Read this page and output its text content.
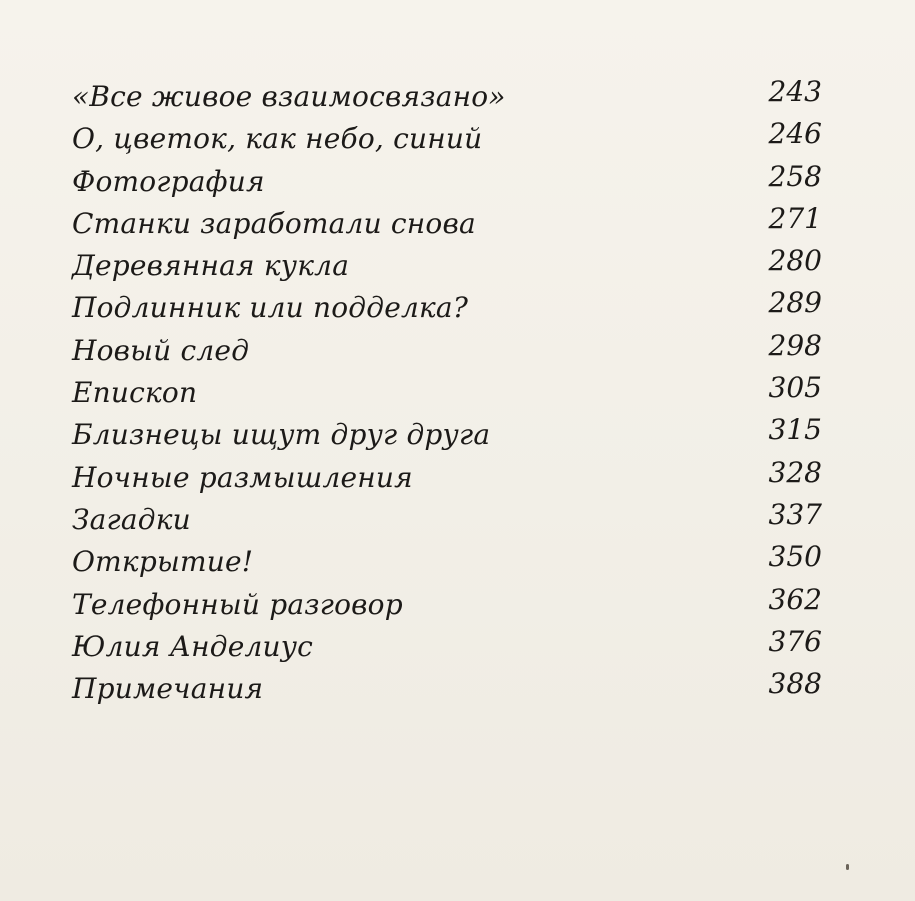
«Все живое взаимосвязано»	243
О, цветок, как небо, синий	246
Фотография	258
Станки заработали снова	271
Деревянная кукла	280
Подлинник или подделка?	289
Новый след	298
Епископ	305
Близнецы ищут друг друга	315
Ночные размышления	328
Загадки	337
Открытие!	350
Телефонный разговор	362
Юлия Анделиус	376
Примечания	388
